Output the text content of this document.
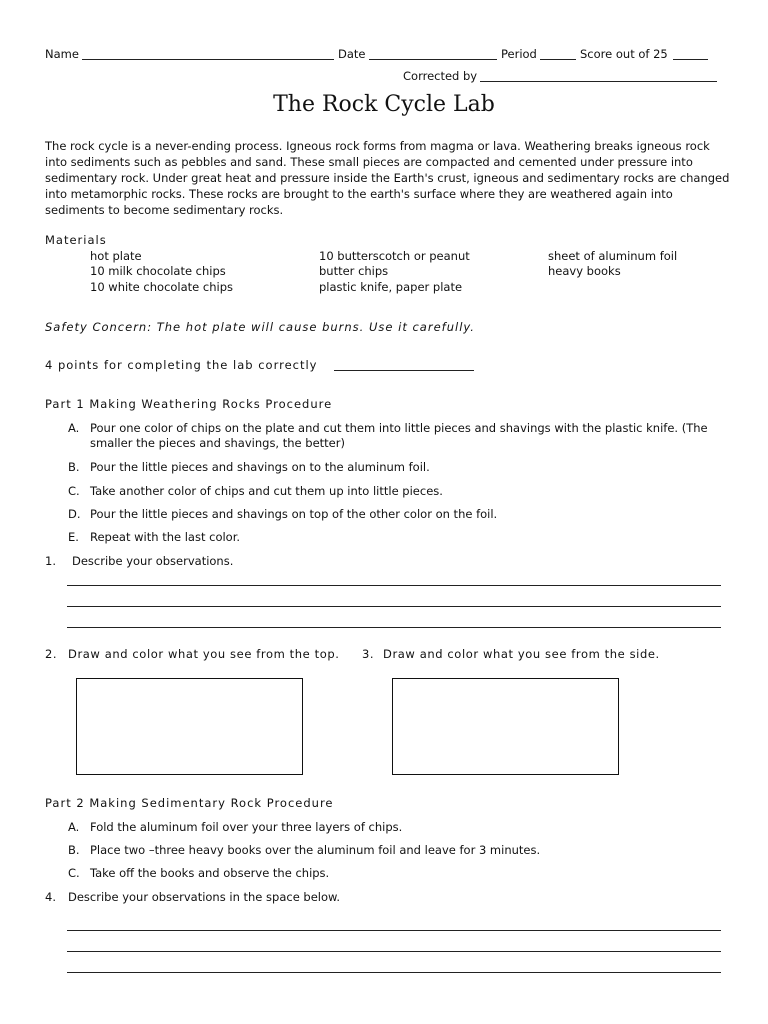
Name	Date	Period	Score out of 25
Corrected by
The Rock Cycle Lab

The rock cycle is a never-ending process. Igneous rock forms from magma or lava. Weathering breaks igneous rock into sediments such as pebbles and sand. These small pieces are compacted and cemented under pressure into sedimentary rock. Under great heat and pressure inside the Earth's crust, igneous and sedimentary rocks are changed into metamorphic rocks. These rocks are brought to the earth's surface where they are weathered again into sediments to become sedimentary rocks.

Materials
hot plate
10 milk chocolate chips
10 white chocolate chips
10 butterscotch or peanut
butter chips
plastic knife, paper plate
sheet of aluminum foil
heavy books
Safety Concern: The hot plate will cause burns. Use it carefully.
4 points for completing the lab correctly
Part 1 Making Weathering Rocks Procedure
A. Pour one color of chips on the plate and cut them into little pieces and shavings with the plastic knife. (The smaller the pieces and shavings, the better)
B. Pour the little pieces and shavings on to the aluminum foil.
C. Take another color of chips and cut them up into little pieces.
D. Pour the little pieces and shavings on top of the other color on the foil.
E. Repeat with the last color.
1. Describe your observations.
2. Draw and color what you see from the top. 3. Draw and color what you see from the side.
Part 2 Making Sedimentary Rock Procedure
A. Fold the aluminum foil over your three layers of chips.
B. Place two –three heavy books over the aluminum foil and leave for 3 minutes.
C. Take off the books and observe the chips.
4. Describe your observations in the space below.
